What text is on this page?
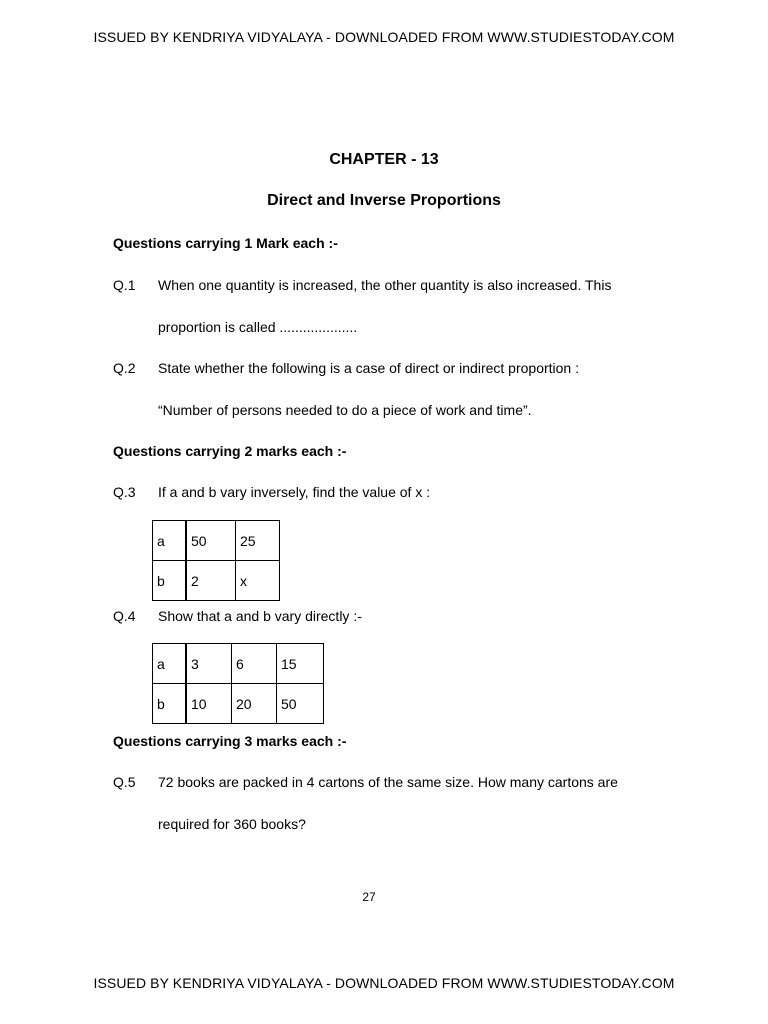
ISSUED BY KENDRIYA VIDYALAYA - DOWNLOADED FROM WWW.STUDIESTODAY.COM
CHAPTER - 13
Direct and Inverse Proportions
Questions carrying 1 Mark each :-
Q.1 When one quantity is increased, the other quantity is also increased. This
proportion is called ....................
Q.2 State whether the following is a case of direct or indirect proportion :
“Number of persons needed to do a piece of work and time”.
Questions carrying 2 marks each :-
Q.3 If a and b vary inversely, find the value of x :
a	50	25
b	2	x
Q.4 Show that a and b vary directly :-
a	3	6	15
b	10	20	50
Questions carrying 3 marks each :-
Q.5 72 books are packed in 4 cartons of the same size. How many cartons are
required for 360 books?
27
ISSUED BY KENDRIYA VIDYALAYA - DOWNLOADED FROM WWW.STUDIESTODAY.COM
